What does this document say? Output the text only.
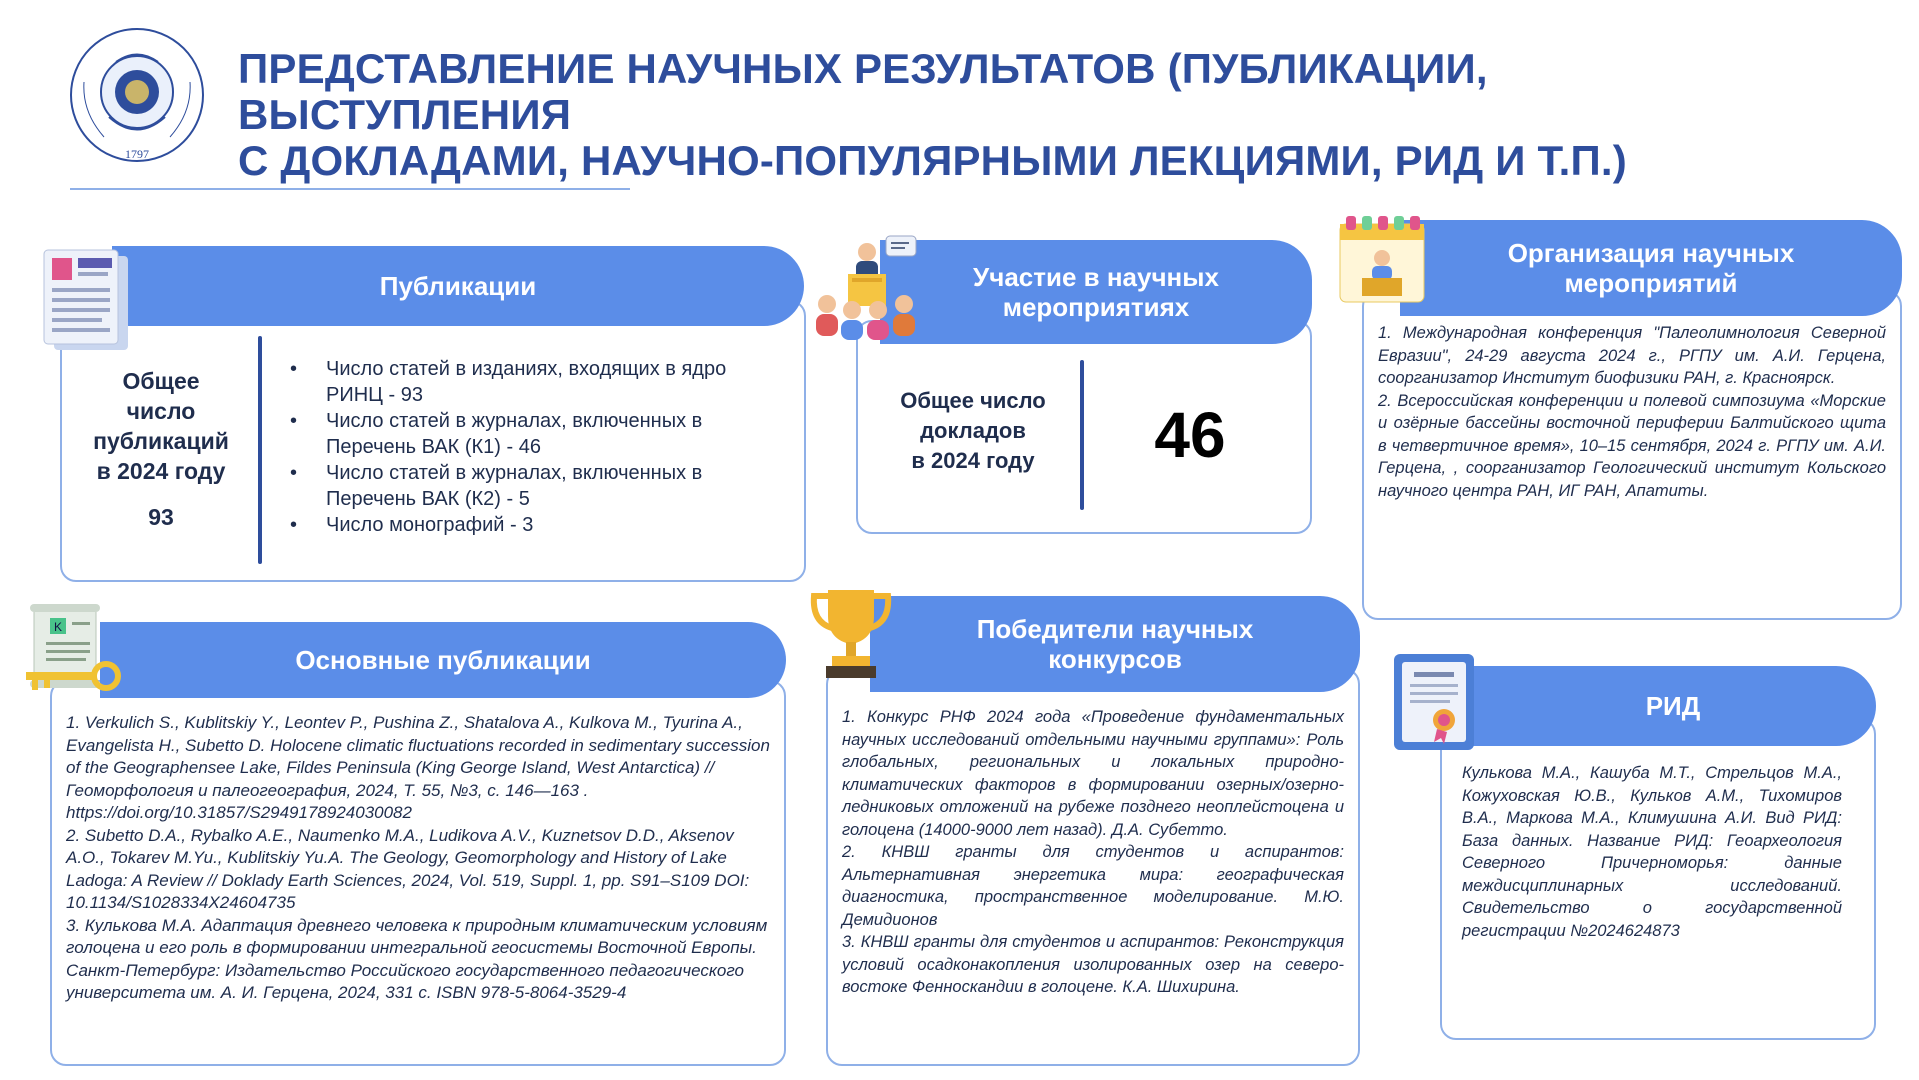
1797
ПРЕДСТАВЛЕНИЕ НАУЧНЫХ РЕЗУЛЬТАТОВ (ПУБЛИКАЦИИ, ВЫСТУПЛЕНИЯ
С ДОКЛАДАМИ, НАУЧНО-ПОПУЛЯРНЫМИ ЛЕКЦИЯМИ, РИД И Т.П.)
Публикации
Общее
число
публикаций
в 2024 году
93
• Число статей в изданиях, входящих в ядро РИНЦ - 93
• Число статей в журналах, включенных в Перечень ВАК (К1) - 46
• Число статей в журналах, включенных в Перечень ВАК (К2) - 5
• Число монографий - 3
Участие в научных
мероприятиях
Общее число
докладов
в 2024 году	46
Организация научных
мероприятий

1. Международная конференция "Палеолимнология Северной Евразии", 24-29 августа 2024 г., РГПУ им. А.И. Герцена, соорганизатор Институт биофизики РАН, г. Красноярск.

2. Всероссийская конференции и полевой симпозиума «Морские и озёрные бассейны восточной периферии Балтийского щита в четвертичное время», 10–15 сентября, 2024 г. РГПУ им. А.И. Герцена, , соорганизатор Геологический институт Кольского научного центра РАН, ИГ РАН, Апатиты.

Основные публикации
K

1. Verkulich S., Kublitskiy Y., Leontev P., Pushina Z., Shatalova A., Kulkova M., Tyurina A., Evangelista H., Subetto D. Holocene climatic fluctuations recorded in sedimentary succession of the Geographensee Lake, Fildes Peninsula (King George Island, West Antarctica) // Геоморфология и палеогеография, 2024, Т. 55, №3, с. 146—163 . https://doi.org/10.31857/S2949178924030082

2. Subetto D.A., Rybalko A.E., Naumenko M.A., Ludikova A.V., Kuznetsov D.D., Aksenov A.O., Tokarev M.Yu., Kublitskiy Yu.A. The Geology, Geomorphology and History of Lake Ladoga: A Review // Doklady Earth Sciences, 2024, Vol. 519, Suppl. 1, pp. S91–S109 DOI: 10.1134/S1028334X24604735

3. Кулькова М.А. Адаптация древнего человека к природным климатическим условиям голоцена и его роль в формировании интегральной геосистемы Восточной Европы. Санкт-Петербург: Издательство Российского государственного педагогического университета им. А. И. Герцена, 2024, 331 с. ISBN 978-5-8064-3529-4

Победители научных
конкурсов

1. Конкурс РНФ 2024 года «Проведение фундаментальных научных исследований отдельными научными группами»: Роль глобальных, региональных и локальных природно-климатических факторов в формировании озерных/озерно-ледниковых отложений на рубеже позднего неоплейстоцена и голоцена (14000-9000 лет назад). Д.А. Субетто.

2. КНВШ гранты для студентов и аспирантов: Альтернативная энергетика мира: географическая диагностика, пространственное моделирование. М.Ю. Демидионов

3. КНВШ гранты для студентов и аспирантов: Реконструкция условий осадконакопления изолированных озер на северо-востоке Фенноскандии в голоцене. К.А. Шихирина.

РИД
Кулькова М.А., Кашуба М.Т., Стрельцов М.А., Кожуховская Ю.В., Кульков А.М., Тихомиров В.А., Маркова М.А., Климушина А.И. Вид РИД: База данных. Название РИД: Геоархеология Северного Причерноморья: данные междисциплинарных исследований. Свидетельство о государственной регистрации №2024624873
